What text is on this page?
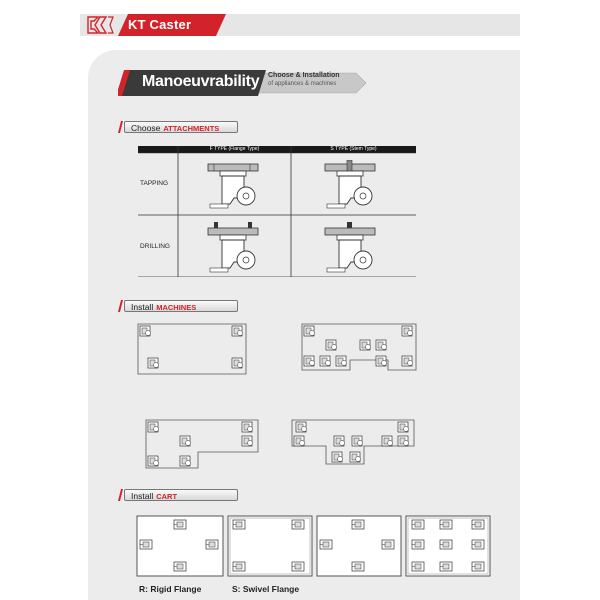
KT Caster
Manoeuvrability Choose & Installation
of appliances & machines
Choose ATTACHMENTS
F TYPE (Flange Type)	S TYPE (Stem Type)
TAPPING
DRILLING
Install MACHINES
Install CART
R: Rigid Flange	S: Swivel Flange
